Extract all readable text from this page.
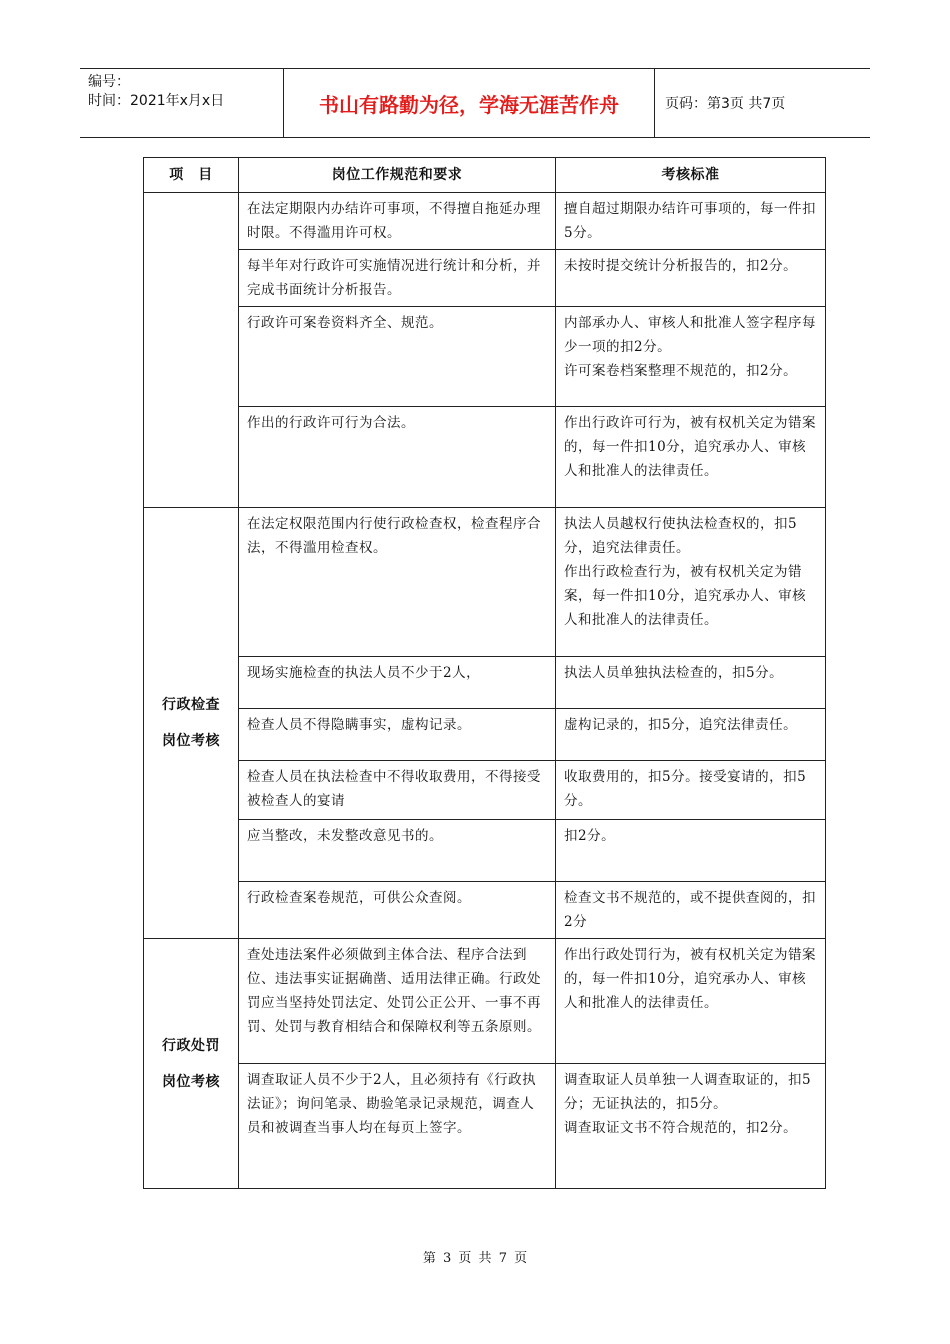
编号：
时间：2021年x月x日	书山有路勤为径，学海无涯苦作舟	页码：第3页 共7页
项　目	岗位工作规范和要求	考核标准

	在法定期限内办结许可事项，不得擅自拖延办理时限。不得滥用许可权。	擅自超过期限办结许可事项的，每一件扣5分。

	每半年对行政许可实施情况进行统计和分析，并完成书面统计分析报告。	未按时提交统计分析报告的，扣2分。

	行政许可案卷资料齐全、规范。	内部承办人、审核人和批准人签字程序每少一项的扣2分。
许可案卷档案整理不规范的，扣2分。

	作出的行政许可行为合法。	作出行政许可行为，被有权机关定为错案的，每一件扣10分，追究承办人、审核人和批准人的法律责任。

行政检查
岗位考核	在法定权限范围内行使行政检查权，检查程序合法，不得滥用检查权。	执法人员越权行使执法检查权的，扣5分，追究法律责任。
作出行政检查行为，被有权机关定为错案，每一件扣10分，追究承办人、审核人和批准人的法律责任。

	现场实施检查的执法人员不少于2人，	执法人员单独执法检查的，扣5分。

	检查人员不得隐瞒事实，虚构记录。	虚构记录的，扣5分，追究法律责任。

	检查人员在执法检查中不得收取费用，不得接受被检查人的宴请	收取费用的，扣5分。接受宴请的，扣5分。

	应当整改，未发整改意见书的。	扣2分。

	行政检查案卷规范，可供公众查阅。	检查文书不规范的，或不提供查阅的，扣2分

行政处罚
岗位考核	查处违法案件必须做到主体合法、程序合法到位、违法事实证据确凿、适用法律正确。行政处罚应当坚持处罚法定、处罚公正公开、一事不再罚、处罚与教育相结合和保障权利等五条原则。	作出行政处罚行为，被有权机关定为错案的，每一件扣10分，追究承办人、审核人和批准人的法律责任。

	调查取证人员不少于2人，且必须持有《行政执法证》；询问笔录、勘验笔录记录规范，调查人员和被调查当事人均在每页上签字。	调查取证人员单独一人调查取证的，扣5分；无证执法的，扣5分。
调查取证文书不符合规范的，扣2分。
第 3 页 共 7 页
